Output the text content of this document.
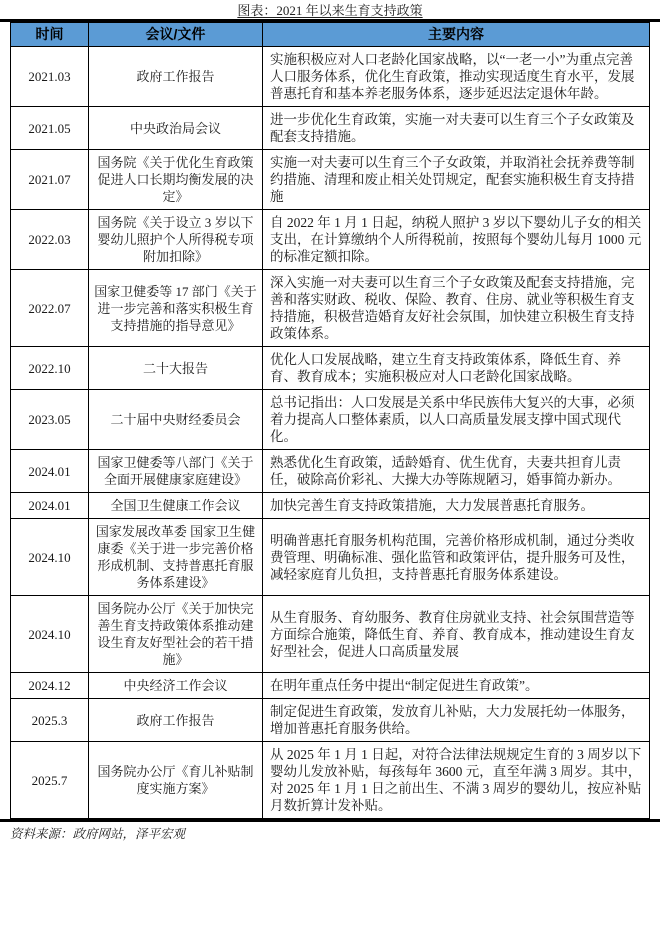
图表：2021 年以来生育支持政策
时间	会议/文件	主要内容
2021.03	政府工作报告	实施积极应对人口老龄化国家战略，以“一老一小”为重点完善人口服务体系，优化生育政策，推动实现适度生育水平，发展普惠托育和基本养老服务体系，逐步延迟法定退休年龄。
2021.05	中央政治局会议	进一步优化生育政策，实施一对夫妻可以生育三个子女政策及配套支持措施。
2021.07	国务院《关于优化生育政策促进人口长期均衡发展的决定》	实施一对夫妻可以生育三个子女政策，并取消社会抚养费等制约措施、清理和废止相关处罚规定，配套实施积极生育支持措施
2022.03	国务院《关于设立 3 岁以下婴幼儿照护个人所得税专项附加扣除》	自 2022 年 1 月 1 日起，纳税人照护 3 岁以下婴幼儿子女的相关支出，在计算缴纳个人所得税前，按照每个婴幼儿每月 1000 元的标准定额扣除。
2022.07	国家卫健委等 17 部门《关于进一步完善和落实积极生育支持措施的指导意见》	深入实施一对夫妻可以生育三个子女政策及配套支持措施，完善和落实财政、税收、保险、教育、住房、就业等积极生育支持措施，积极营造婚育友好社会氛围，加快建立积极生育支持政策体系。
2022.10	二十大报告	优化人口发展战略，建立生育支持政策体系，降低生育、养育、教育成本；实施积极应对人口老龄化国家战略。
2023.05	二十届中央财经委员会	总书记指出：人口发展是关系中华民族伟大复兴的大事，必须着力提高人口整体素质，以人口高质量发展支撑中国式现代化。
2024.01	国家卫健委等八部门《关于全面开展健康家庭建设》	熟悉优化生育政策，适龄婚育、优生优育，夫妻共担育儿责任，破除高价彩礼、大操大办等陈规陋习，婚事简办新办。
2024.01	全国卫生健康工作会议	加快完善生育支持政策措施，大力发展普惠托育服务。
2024.10	国家发展改革委 国家卫生健康委《关于进一步完善价格形成机制、支持普惠托育服务体系建设》	明确普惠托育服务机构范围，完善价格形成机制，通过分类收费管理、明确标准、强化监管和政策评估，提升服务可及性，减轻家庭育儿负担，支持普惠托育服务体系建设。
2024.10	国务院办公厅《关于加快完善生育支持政策体系推动建设生育友好型社会的若干措施》	从生育服务、育幼服务、教育住房就业支持、社会氛围营造等方面综合施策，降低生育、养育、教育成本，推动建设生育友好型社会，促进人口高质量发展
2024.12	中央经济工作会议	在明年重点任务中提出“制定促进生育政策”。
2025.3	政府工作报告	制定促进生育政策，发放育儿补贴，大力发展托幼一体服务，增加普惠托育服务供给。
2025.7	国务院办公厅《育儿补贴制度实施方案》	从 2025 年 1 月 1 日起，对符合法律法规规定生育的 3 周岁以下婴幼儿发放补贴，每孩每年 3600 元，直至年满 3 周岁。其中，对 2025 年 1 月 1 日之前出生、不满 3 周岁的婴幼儿，按应补贴月数折算计发补贴。
资料来源：政府网站，泽平宏观
